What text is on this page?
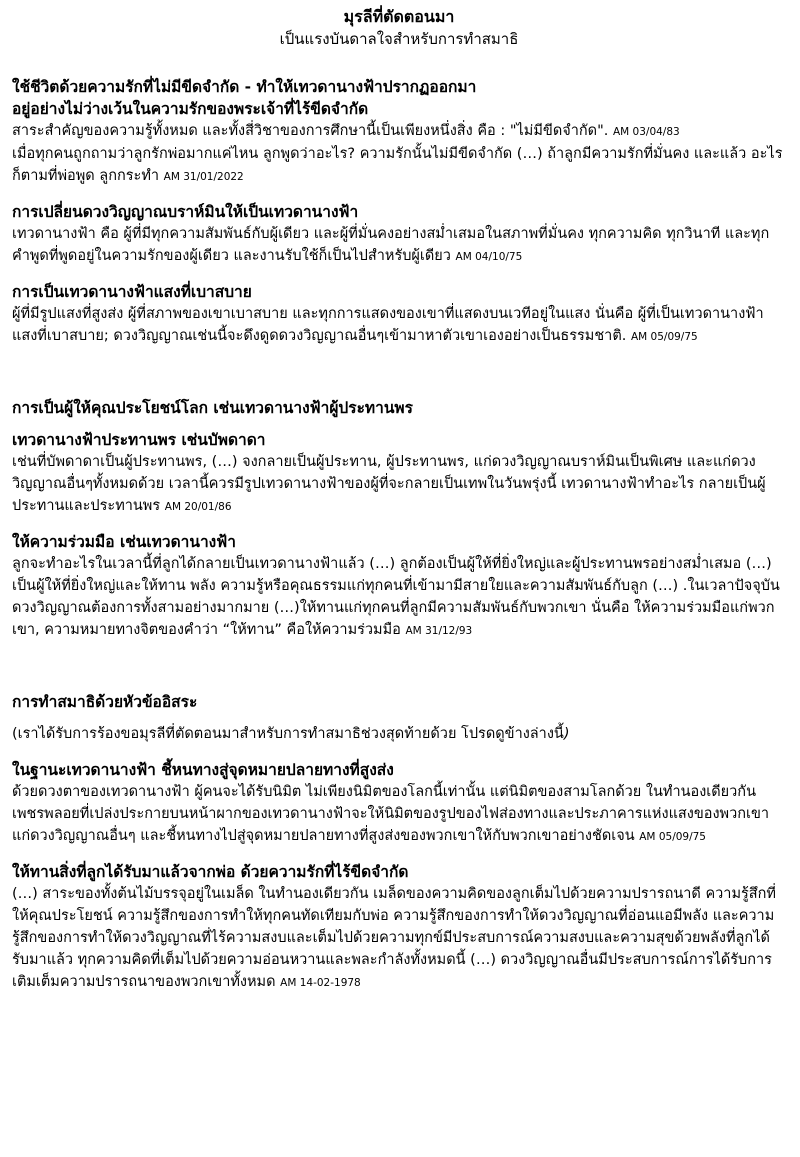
มุรลีที่ตัดตอนมา
เป็นแรงบันดาลใจสำหรับการทำสมาธิ
ใช้ชีวิตด้วยความรักที่ไม่มีขีดจำกัด - ทำให้เทวดานางฟ้าปรากฏออกมา
อยู่อย่างไม่ว่างเว้นในความรักของพระเจ้าที่ไร้ขีดจำกัด
สาระสำคัญของความรู้ทั้งหมด และทั้งสี่วิชาของการศึกษานี้เป็นเพียงหนึ่งสิ่ง คือ : "ไม่มีขีดจำกัด". AM 03/04/83
เมื่อทุกคนถูกถามว่าลูกรักพ่อมากแค่ไหน ลูกพูดว่าอะไร? ความรักนั้นไม่มีขีดจำกัด (…) ถ้าลูกมีความรักที่มั่นคง และแล้ว อะไรก็ตามที่พ่อพูด ลูกกระทำ AM 31/01/2022
การเปลี่ยนดวงวิญญาณบราห์มินให้เป็นเทวดานางฟ้า
เทวดานางฟ้า คือ ผู้ที่มีทุกความสัมพันธ์กับผู้เดียว และผู้ที่มั่นคงอย่างสม่ำเสมอในสภาพที่มั่นคง ทุกความคิด ทุกวินาที และทุกคำพูดที่พูดอยู่ในความรักของผู้เดียว และงานรับใช้ก็เป็นไปสำหรับผู้เดียว AM 04/10/75
การเป็นเทวดานางฟ้าแสงที่เบาสบาย
ผู้ที่มีรูปแสงที่สูงส่ง ผู้ที่สภาพของเขาเบาสบาย และทุกการแสดงของเขาที่แสดงบนเวทีอยู่ในแสง นั่นคือ ผู้ที่เป็นเทวดานางฟ้าแสงที่เบาสบาย; ดวงวิญญาณเช่นนี้จะดึงดูดดวงวิญญาณอื่นๆเข้ามาหาตัวเขาเองอย่างเป็นธรรมชาติ. AM 05/09/75
การเป็นผู้ให้คุณประโยชน์โลก เช่นเทวดานางฟ้าผู้ประทานพร
เทวดานางฟ้าประทานพร เช่นบัพดาดา
เช่นที่บัพดาดาเป็นผู้ประทานพร, (…) จงกลายเป็นผู้ประทาน, ผู้ประทานพร, แก่ดวงวิญญาณบราห์มินเป็นพิเศษ และแก่ดวงวิญญาณอื่นๆทั้งหมดด้วย เวลานี้ควรมีรูปเทวดานางฟ้าของผู้ที่จะกลายเป็นเทพในวันพรุ่งนี้ เทวดานางฟ้าทำอะไร กลายเป็นผู้ประทานและประทานพร AM 20/01/86
ให้ความร่วมมือ เช่นเทวดานางฟ้า
ลูกจะทำอะไรในเวลานี้ที่ลูกได้กลายเป็นเทวดานางฟ้าแล้ว (…) ลูกต้องเป็นผู้ให้ที่ยิ่งใหญ่และผู้ประทานพรอย่างสม่ำเสมอ (…) เป็นผู้ให้ที่ยิ่งใหญ่และให้ทาน พลัง ความรู้หรือคุณธรรมแก่ทุกคนที่เข้ามามีสายใยและความสัมพันธ์กับลูก (…) .ในเวลาปัจจุบัน ดวงวิญญาณต้องการทั้งสามอย่างมากมาย (…)ให้ทานแก่ทุกคนที่ลูกมีความสัมพันธ์กับพวกเขา นั่นคือ ให้ความร่วมมือแก่พวกเขา, ความหมายทางจิตของคำว่า “ให้ทาน” คือให้ความร่วมมือ AM 31/12/93
การทำสมาธิด้วยหัวข้ออิสระ
(เราได้รับการร้องขอมุรลีที่ตัดตอนมาสำหรับการทำสมาธิช่วงสุดท้ายด้วย โปรดดูข้างล่างนี้)
ในฐานะเทวดานางฟ้า ชี้หนทางสู่จุดหมายปลายทางที่สูงส่ง
ด้วยดวงตาของเทวดานางฟ้า ผู้คนจะได้รับนิมิต ไม่เพียงนิมิตของโลกนี้เท่านั้น แต่นิมิตของสามโลกด้วย ในทำนองเดียวกัน เพชรพลอยที่เปล่งประกายบนหน้าผากของเทวดานางฟ้าจะให้นิมิตของรูปของไฟส่องทางและประภาคารแห่งแสงของพวกเขาแก่ดวงวิญญาณอื่นๆ และชี้หนทางไปสู่จุดหมายปลายทางที่สูงส่งของพวกเขาให้กับพวกเขาอย่างชัดเจน AM 05/09/75
ให้ทานสิ่งที่ลูกได้รับมาแล้วจากพ่อ ด้วยความรักที่ไร้ขีดจำกัด
(…) สาระของทั้งต้นไม้บรรจุอยู่ในเมล็ด ในทำนองเดียวกัน เมล็ดของความคิดของลูกเต็มไปด้วยความปรารถนาดี ความรู้สึกที่ให้คุณประโยชน์ ความรู้สึกของการทำให้ทุกคนทัดเทียมกับพ่อ ความรู้สึกของการทำให้ดวงวิญญาณที่อ่อนแอมีพลัง และความรู้สึกของการทำให้ดวงวิญญาณที่ไร้ความสงบและเต็มไปด้วยความทุกข์มีประสบการณ์ความสงบและความสุขด้วยพลังที่ลูกได้รับมาแล้ว ทุกความคิดที่เต็มไปด้วยความอ่อนหวานและพละกำลังทั้งหมดนี้ (…) ดวงวิญญาณอื่นมีประสบการณ์การได้รับการเติมเต็มความปรารถนาของพวกเขาทั้งหมด AM 14-02-1978
